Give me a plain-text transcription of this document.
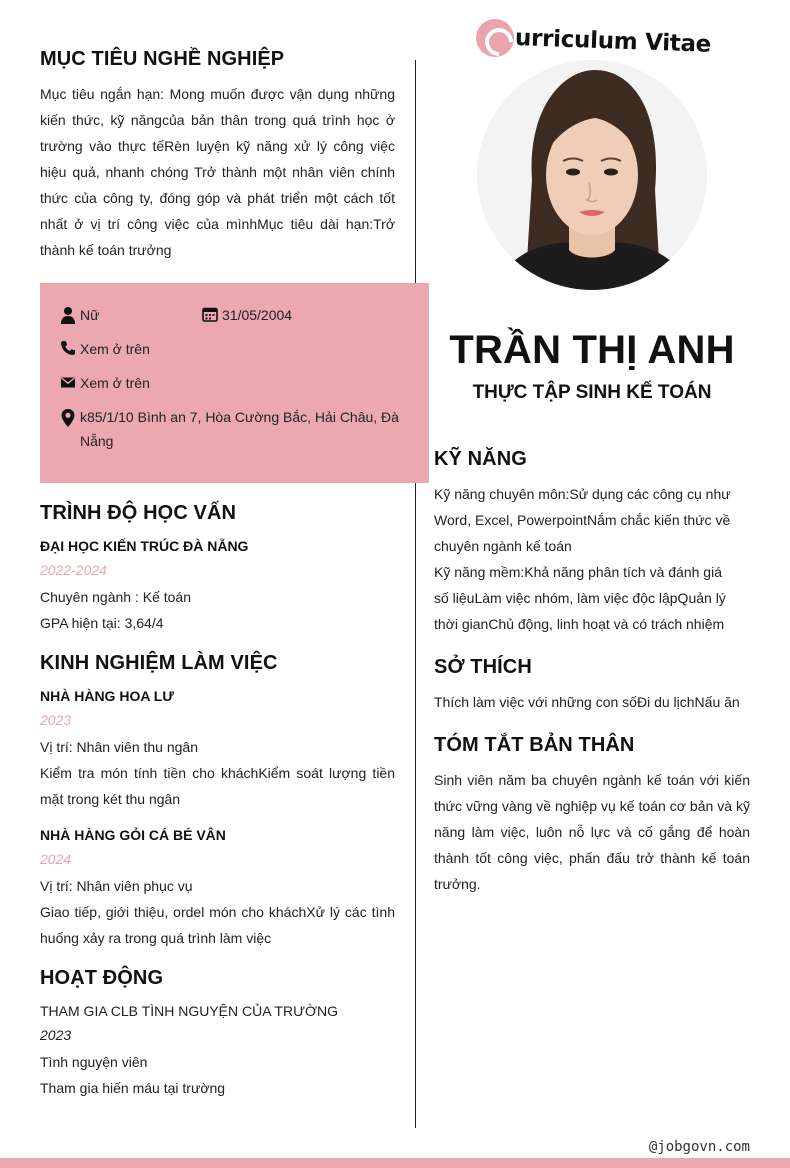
urriculum Vitae
TRẦN THỊ ANH
THỰC TẬP SINH KẾ TOÁN
MỤC TIÊU NGHỀ NGHIỆP
Mục tiêu ngắn hạn: Mong muốn được vận dụng những kiến thức, kỹ năngcủa bản thân trong quá trình học ở trường vào thực tếRèn luyện kỹ năng xử lý công việc hiệu quả, nhanh chóng Trở thành một nhân viên chính thức của công ty, đóng góp và phát triển một cách tốt nhất ở vị trí công việc của mìnhMục tiêu dài hạn:Trở thành kế toán trưởng
TRÌNH ĐỘ HỌC VẤN
ĐẠI HỌC KIẾN TRÚC ĐÀ NẴNG
2022-2024
Chuyên ngành : Kế toán
GPA hiện tại: 3,64/4
KINH NGHIỆM LÀM VIỆC
NHÀ HÀNG HOA LƯ
2023
Vị trí: Nhân viên thu ngân
Kiểm tra món tính tiền cho kháchKiểm soát lượng tiền mặt trong két thu ngân
NHÀ HÀNG GỎI CÁ BÉ VÂN
2024
Vị trí: Nhân viên phục vụ
Giao tiếp, giới thiệu, ordel món cho kháchXử lý các tình huống xảy ra trong quá trình làm việc
HOẠT ĐỘNG
THAM GIA CLB TÌNH NGUYỆN CỦA TRƯỜNG
2023
Tình nguyện viên
Tham gia hiến máu tại trường
Nữ	31/05/2004
Xem ở trên
Xem ở trên
k85/1/10 Bình an 7, Hòa Cường Bắc, Hải Châu, Đà Nẵng
KỸ NĂNG
Kỹ năng chuyên môn:Sử dụng các công cụ như Word, Excel, PowerpointNắm chắc kiến thức về chuyên ngành kế toán
Kỹ năng mềm:Khả năng phân tích và đánh giá số liệuLàm việc nhóm, làm việc độc lậpQuản lý thời gianChủ động, linh hoạt và có trách nhiệm
SỞ THÍCH
Thích làm việc với những con sốĐi du lịchNấu ăn
TÓM TẮT BẢN THÂN
Sinh viên năm ba chuyên ngành kế toán với kiến thức vững vàng về nghiệp vụ kế toán cơ bản và kỹ năng làm việc, luôn nỗ lực và cố gắng để hoàn thành tốt công việc, phấn đấu trở thành kế toán trưởng.
@jobgovn.com
